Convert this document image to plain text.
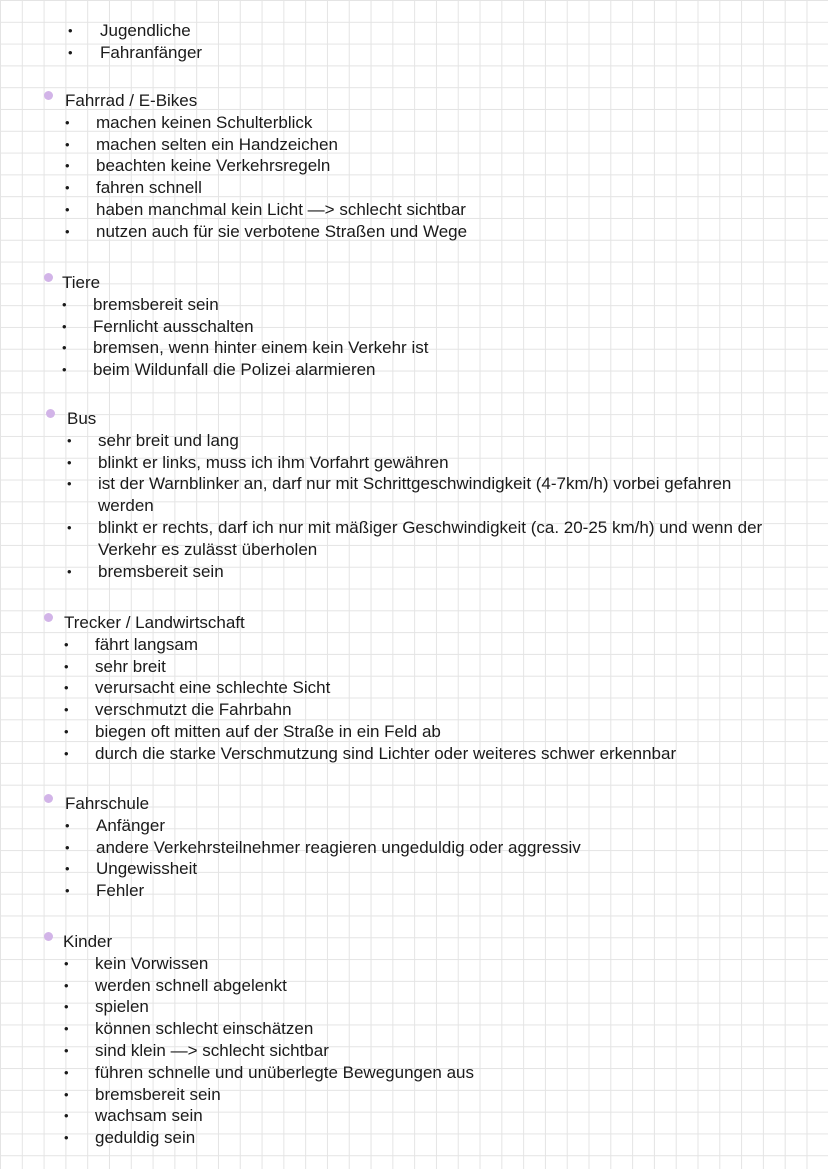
• Jugendliche
• Fahranfänger
Fahrrad / E-Bikes
• machen keinen Schulterblick
• machen selten ein Handzeichen
• beachten keine Verkehrsregeln
• fahren schnell
• haben manchmal kein Licht —> schlecht sichtbar
• nutzen auch für sie verbotene Straßen und Wege
Tiere
• bremsbereit sein
• Fernlicht ausschalten
• bremsen, wenn hinter einem kein Verkehr ist
• beim Wildunfall die Polizei alarmieren
Bus
• sehr breit und lang
• blinkt er links, muss ich ihm Vorfahrt gewähren
• ist der Warnblinker an, darf nur mit Schrittgeschwindigkeit (4-7km/h) vorbei gefahren werden
• blinkt er rechts, darf ich nur mit mäßiger Geschwindigkeit (ca. 20-25 km/h) und wenn der Verkehr es zulässt überholen
• bremsbereit sein
Trecker / Landwirtschaft
• fährt langsam
• sehr breit
• verursacht eine schlechte Sicht
• verschmutzt die Fahrbahn
• biegen oft mitten auf der Straße in ein Feld ab
• durch die starke Verschmutzung sind Lichter oder weiteres schwer erkennbar
Fahrschule
• Anfänger
• andere Verkehrsteilnehmer reagieren ungeduldig oder aggressiv
• Ungewissheit
• Fehler
Kinder
• kein Vorwissen
• werden schnell abgelenkt
• spielen
• können schlecht einschätzen
• sind klein —> schlecht sichtbar
• führen schnelle und unüberlegte Bewegungen aus
• bremsbereit sein
• wachsam sein
• geduldig sein
